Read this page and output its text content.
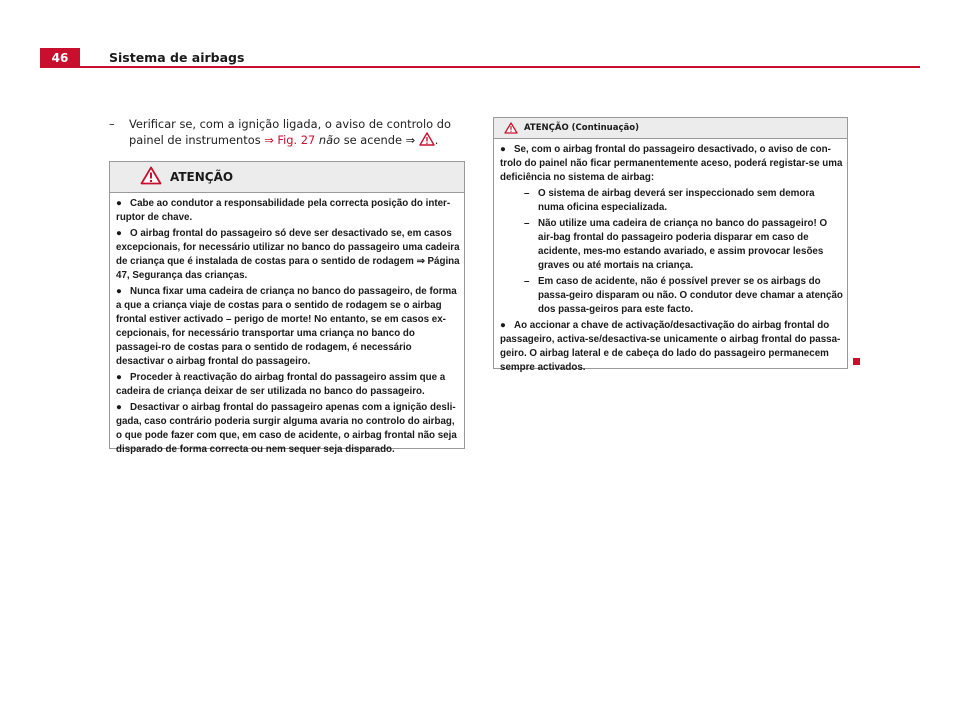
46	Sistema de airbags
– Verificar se, com a ignição ligada, o aviso de controlo do painel de instrumentos ⇒ Fig. 27 não se acende ⇒ .
ATENÇÃO

● Cabe ao condutor a responsabilidade pela correcta posição do inter-ruptor de chave.

● O airbag frontal do passageiro só deve ser desactivado se, em casos excepcionais, for necessário utilizar no banco do passageiro uma cadeira de criança que é instalada de costas para o sentido de rodagem ⇒ Página 47, Segurança das crianças.

● Nunca fixar uma cadeira de criança no banco do passageiro, de forma a que a criança viaje de costas para o sentido de rodagem se o airbag frontal estiver activado – perigo de morte! No entanto, se em casos ex-cepcionais, for necessário transportar uma criança no banco do passagei-ro de costas para o sentido de rodagem, é necessário desactivar o airbag frontal do passageiro.

● Proceder à reactivação do airbag frontal do passageiro assim que a cadeira de criança deixar de ser utilizada no banco do passageiro.

● Desactivar o airbag frontal do passageiro apenas com a ignição desli-gada, caso contrário poderia surgir alguma avaria no controlo do airbag, o que pode fazer com que, em caso de acidente, o airbag frontal não seja disparado de forma correcta ou nem sequer seja disparado.

ATENÇÃO (Continuação)

● Se, com o airbag frontal do passageiro desactivado, o aviso de con-trolo do painel não ficar permanentemente aceso, poderá registar-se uma deficiência no sistema de airbag:

– O sistema de airbag deverá ser inspeccionado sem demora numa oficina especializada.
– Não utilize uma cadeira de criança no banco do passageiro! O air-bag frontal do passageiro poderia disparar em caso de acidente, mes-mo estando avariado, e assim provocar lesões graves ou até mortais na criança.
– Em caso de acidente, não é possível prever se os airbags do passa-geiro disparam ou não. O condutor deve chamar a atenção dos passa-geiros para este facto.

● Ao accionar a chave de activação/desactivação do airbag frontal do passageiro, activa-se/desactiva-se unicamente o airbag frontal do passa-geiro. O airbag lateral e de cabeça do lado do passageiro permanecem sempre activados.
